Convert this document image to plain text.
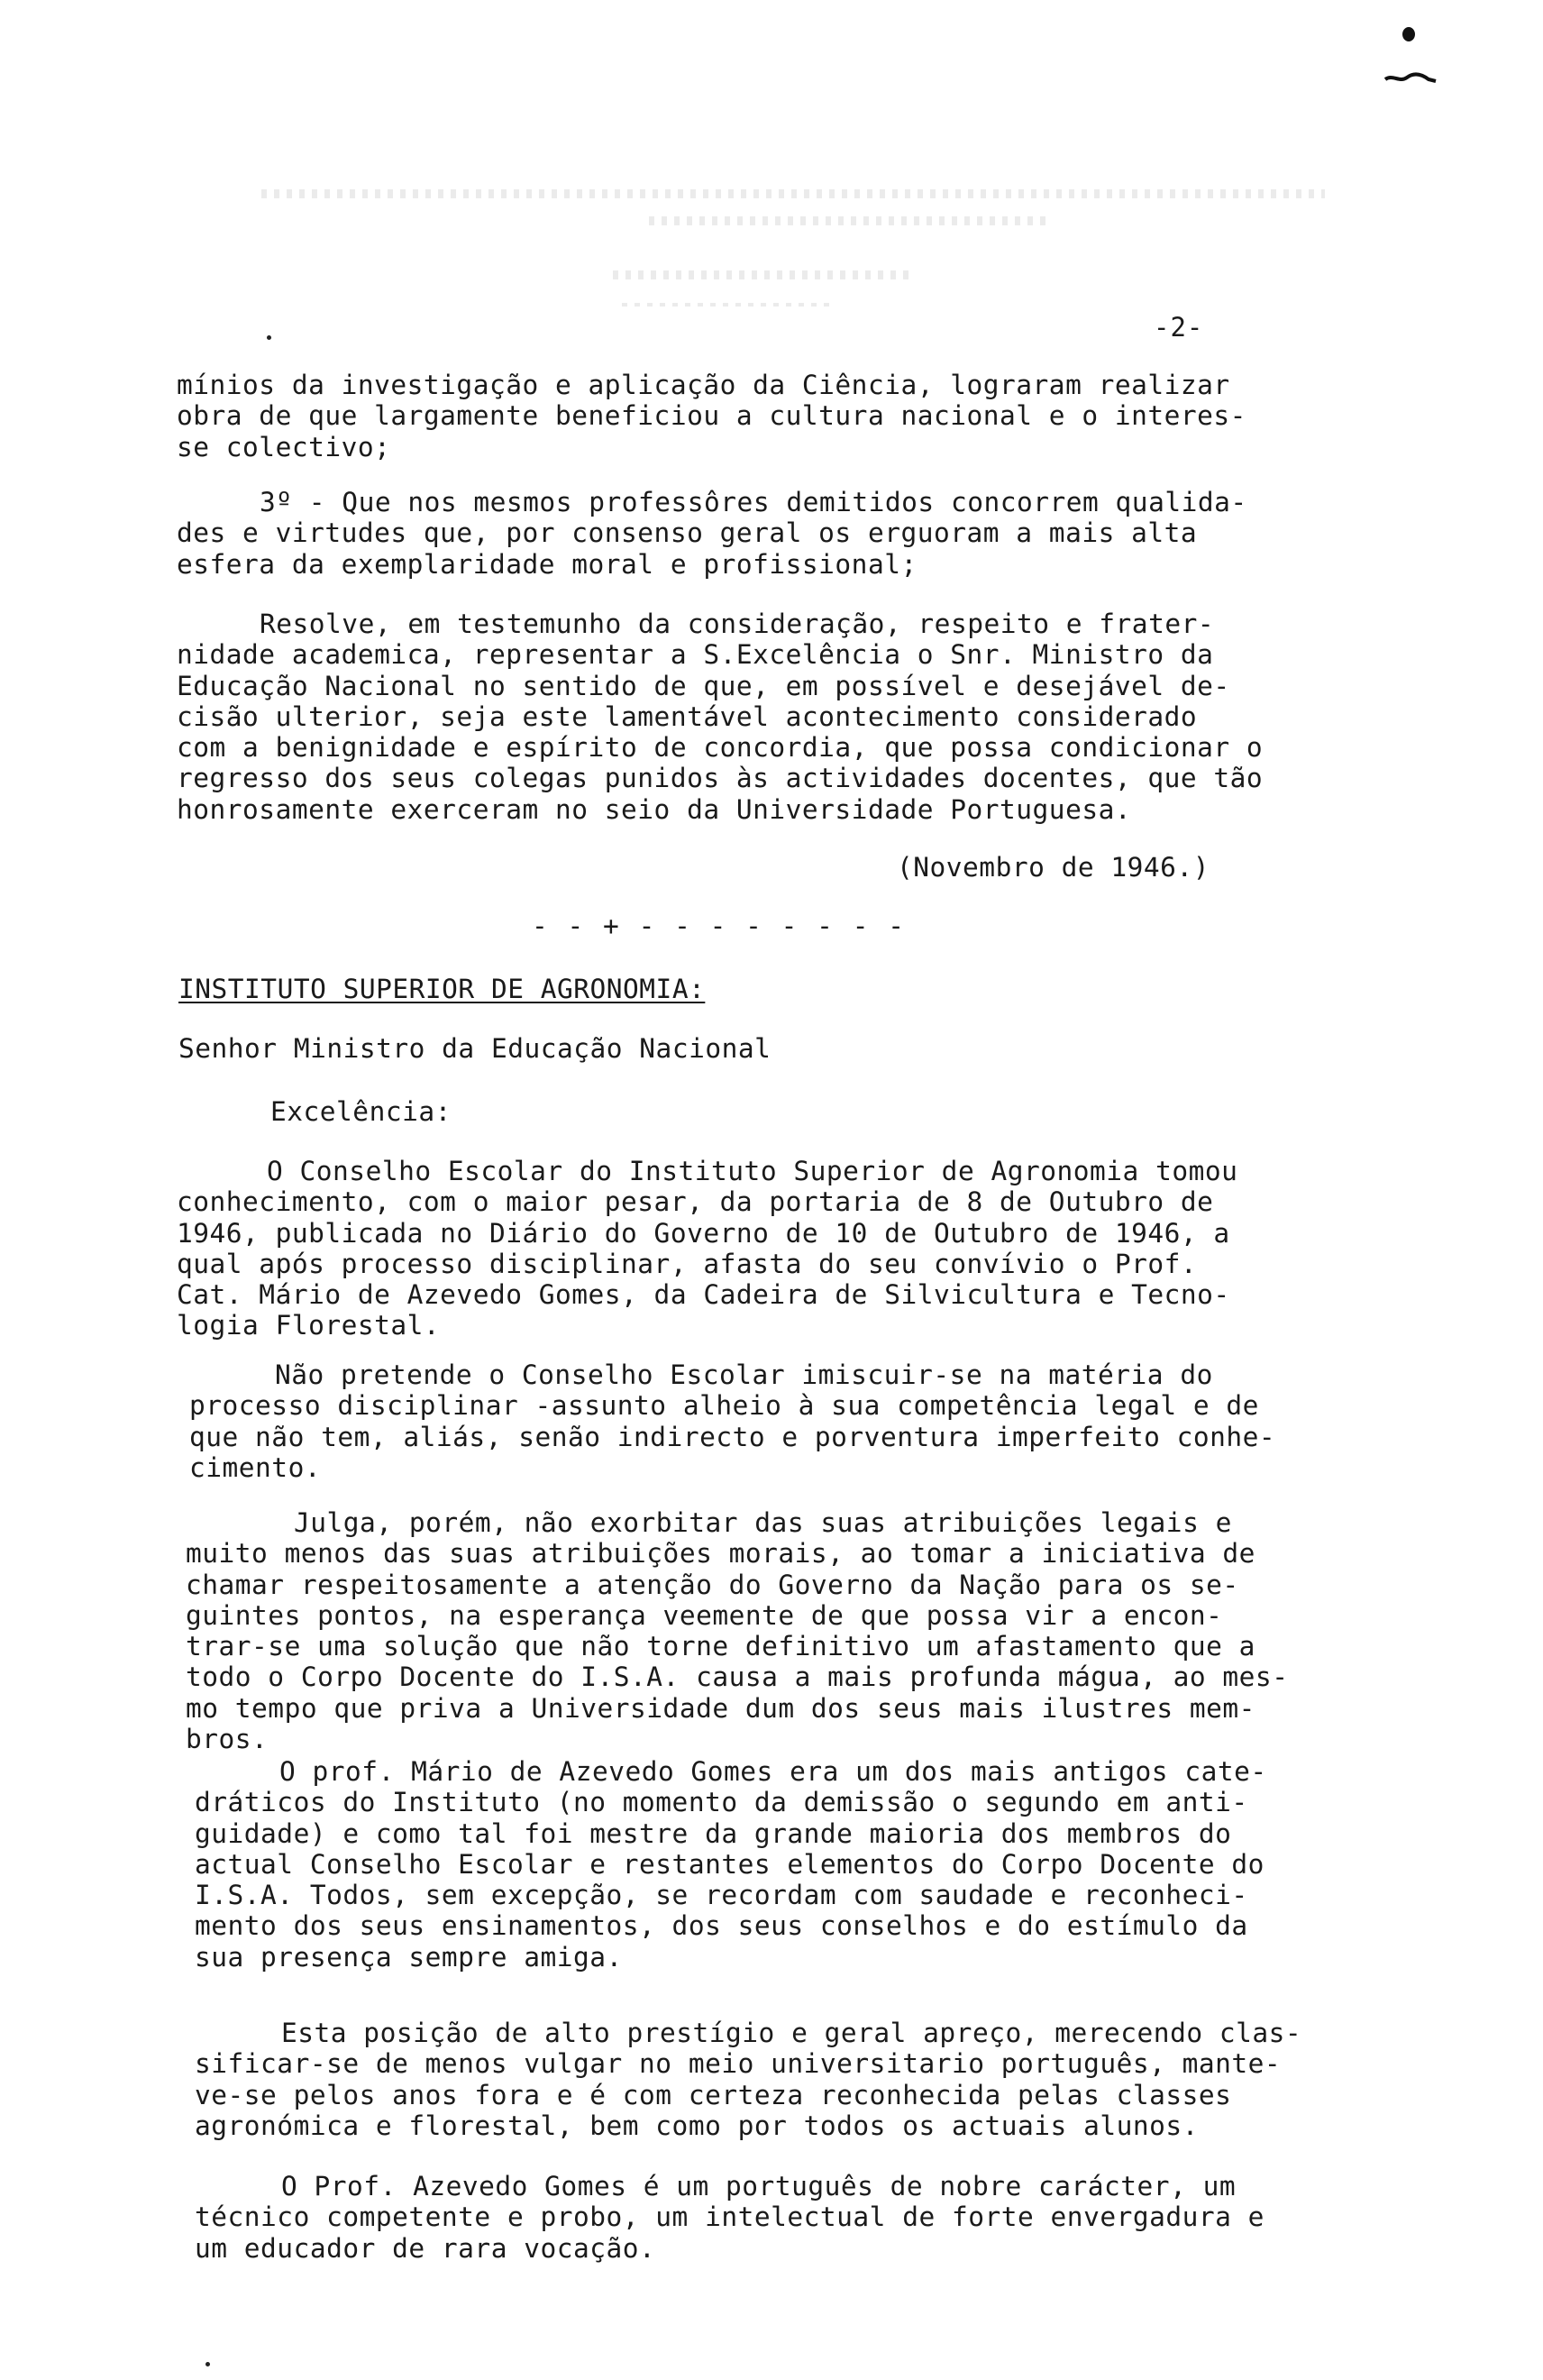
-2-

mínios da investigação e aplicação da Ciência, lograram realizar
obra de que largamente beneficiou a cultura nacional e o interes-
se colectivo;

3º - Que nos mesmos professôres demitidos concorrem qualida-
des e virtudes que, por consenso geral os erguoram a mais alta
esfera da exemplaridade moral e profissional;

Resolve, em testemunho da consideração, respeito e frater-
nidade academica, representar a S.Excelência o Snr. Ministro da
Educação Nacional no sentido de que, em possível e desejável de-
cisão ulterior, seja este lamentável acontecimento considerado
com a benignidade e espírito de concordia, que possa condicionar o
regresso dos seus colegas punidos às actividades docentes, que tão
honrosamente exerceram no seio da Universidade Portuguesa.

(Novembro de 1946.)
- - + - - - - - - - -
INSTITUTO SUPERIOR DE AGRONOMIA:
Senhor Ministro da Educação Nacional
Excelência:

O Conselho Escolar do Instituto Superior de Agronomia tomou
conhecimento, com o maior pesar, da portaria de 8 de Outubro de
1946, publicada no Diário do Governo de 10 de Outubro de 1946, a
qual após processo disciplinar, afasta do seu convívio o Prof.
Cat. Mário de Azevedo Gomes, da Cadeira de Silvicultura e Tecno-
logia Florestal.

Não pretende o Conselho Escolar imiscuir-se na matéria do
processo disciplinar -assunto alheio à sua competência legal e de
que não tem, aliás, senão indirecto e porventura imperfeito conhe-
cimento.

Julga, porém, não exorbitar das suas atribuições legais e
muito menos das suas atribuições morais, ao tomar a iniciativa de
chamar respeitosamente a atenção do Governo da Nação para os se-
guintes pontos, na esperança veemente de que possa vir a encon-
trar-se uma solução que não torne definitivo um afastamento que a
todo o Corpo Docente do I.S.A. causa a mais profunda mágua, ao mes-
mo tempo que priva a Universidade dum dos seus mais ilustres mem-
bros.

O prof. Mário de Azevedo Gomes era um dos mais antigos cate-
dráticos do Instituto (no momento da demissão o segundo em anti-
guidade) e como tal foi mestre da grande maioria dos membros do
actual Conselho Escolar e restantes elementos do Corpo Docente do
I.S.A. Todos, sem excepção, se recordam com saudade e reconheci-
mento dos seus ensinamentos, dos seus conselhos e do estímulo da
sua presença sempre amiga.

Esta posição de alto prestígio e geral apreço, merecendo clas-
sificar-se de menos vulgar no meio universitario português, mante-
ve-se pelos anos fora e é com certeza reconhecida pelas classes
agronómica e florestal, bem como por todos os actuais alunos.

O Prof. Azevedo Gomes é um português de nobre carácter, um
técnico competente e probo, um intelectual de forte envergadura e
um educador de rara vocação.
